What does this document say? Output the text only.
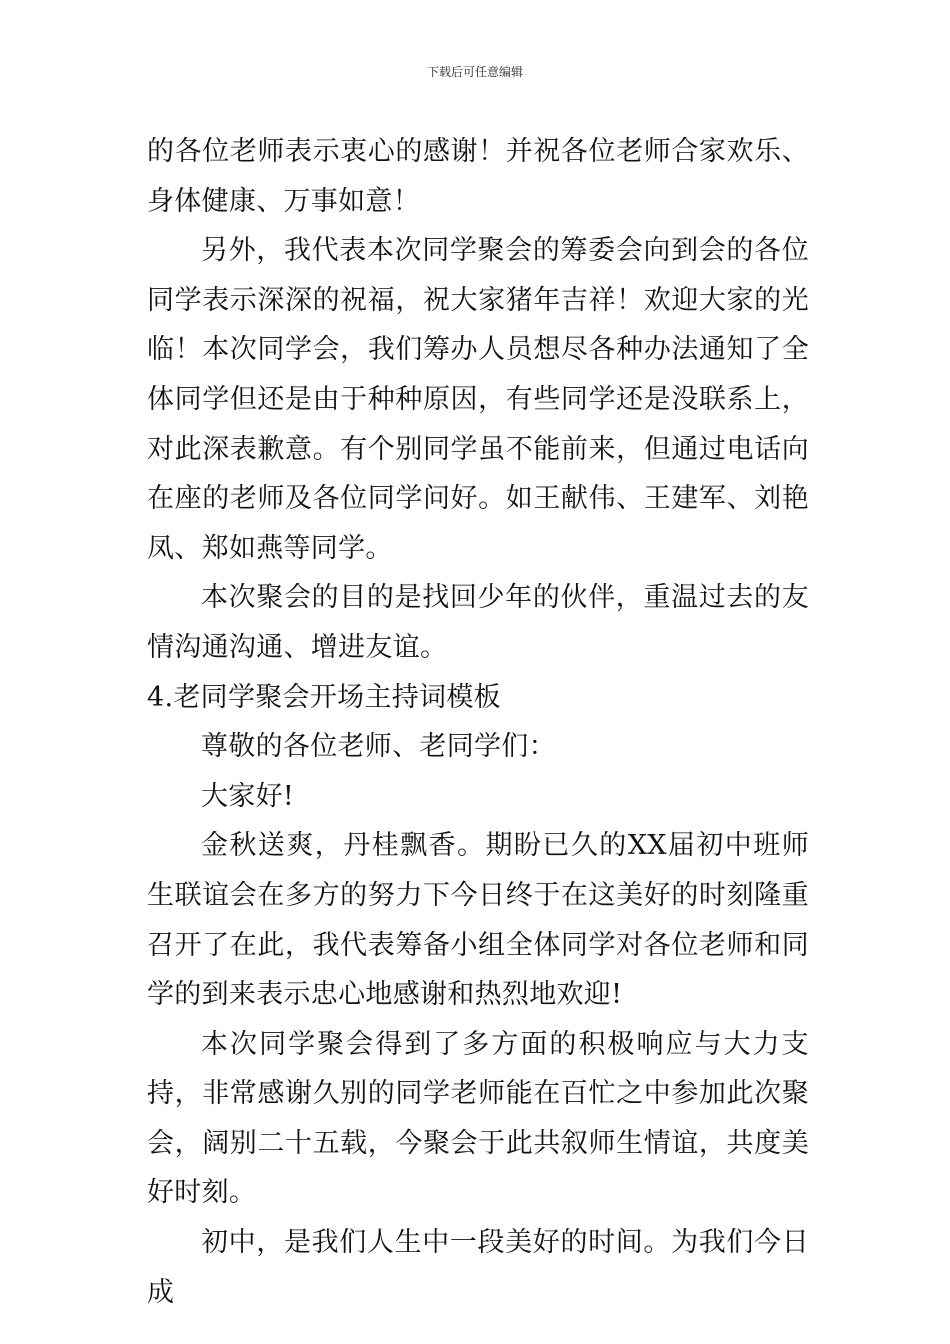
下载后可任意编辑

的各位老师表示衷心的感谢！并祝各位老师合家欢乐、身体健康、万事如意！

另外，我代表本次同学聚会的筹委会向到会的各位同学表示深深的祝福，祝大家猪年吉祥！欢迎大家的光临！本次同学会，我们筹办人员想尽各种办法通知了全体同学但还是由于种种原因，有些同学还是没联系上，对此深表歉意。有个别同学虽不能前来，但通过电话向在座的老师及各位同学问好。如王献伟、王建军、刘艳凤、郑如燕等同学。

本次聚会的目的是找回少年的伙伴，重温过去的友情沟通沟通、增进友谊。

4.老同学聚会开场主持词模板

尊敬的各位老师、老同学们：

大家好!

金秋送爽，丹桂飘香。期盼已久的XX届初中班师生联谊会在多方的努力下今日终于在这美好的时刻隆重召开了在此，我代表筹备小组全体同学对各位老师和同学的到来表示忠心地感谢和热烈地欢迎!

本次同学聚会得到了多方面的积极响应与大力支持，非常感谢久别的同学老师能在百忙之中参加此次聚会，阔别二十五载，今聚会于此共叙师生情谊，共度美好时刻。

初中，是我们人生中一段美好的时间。为我们今日成
